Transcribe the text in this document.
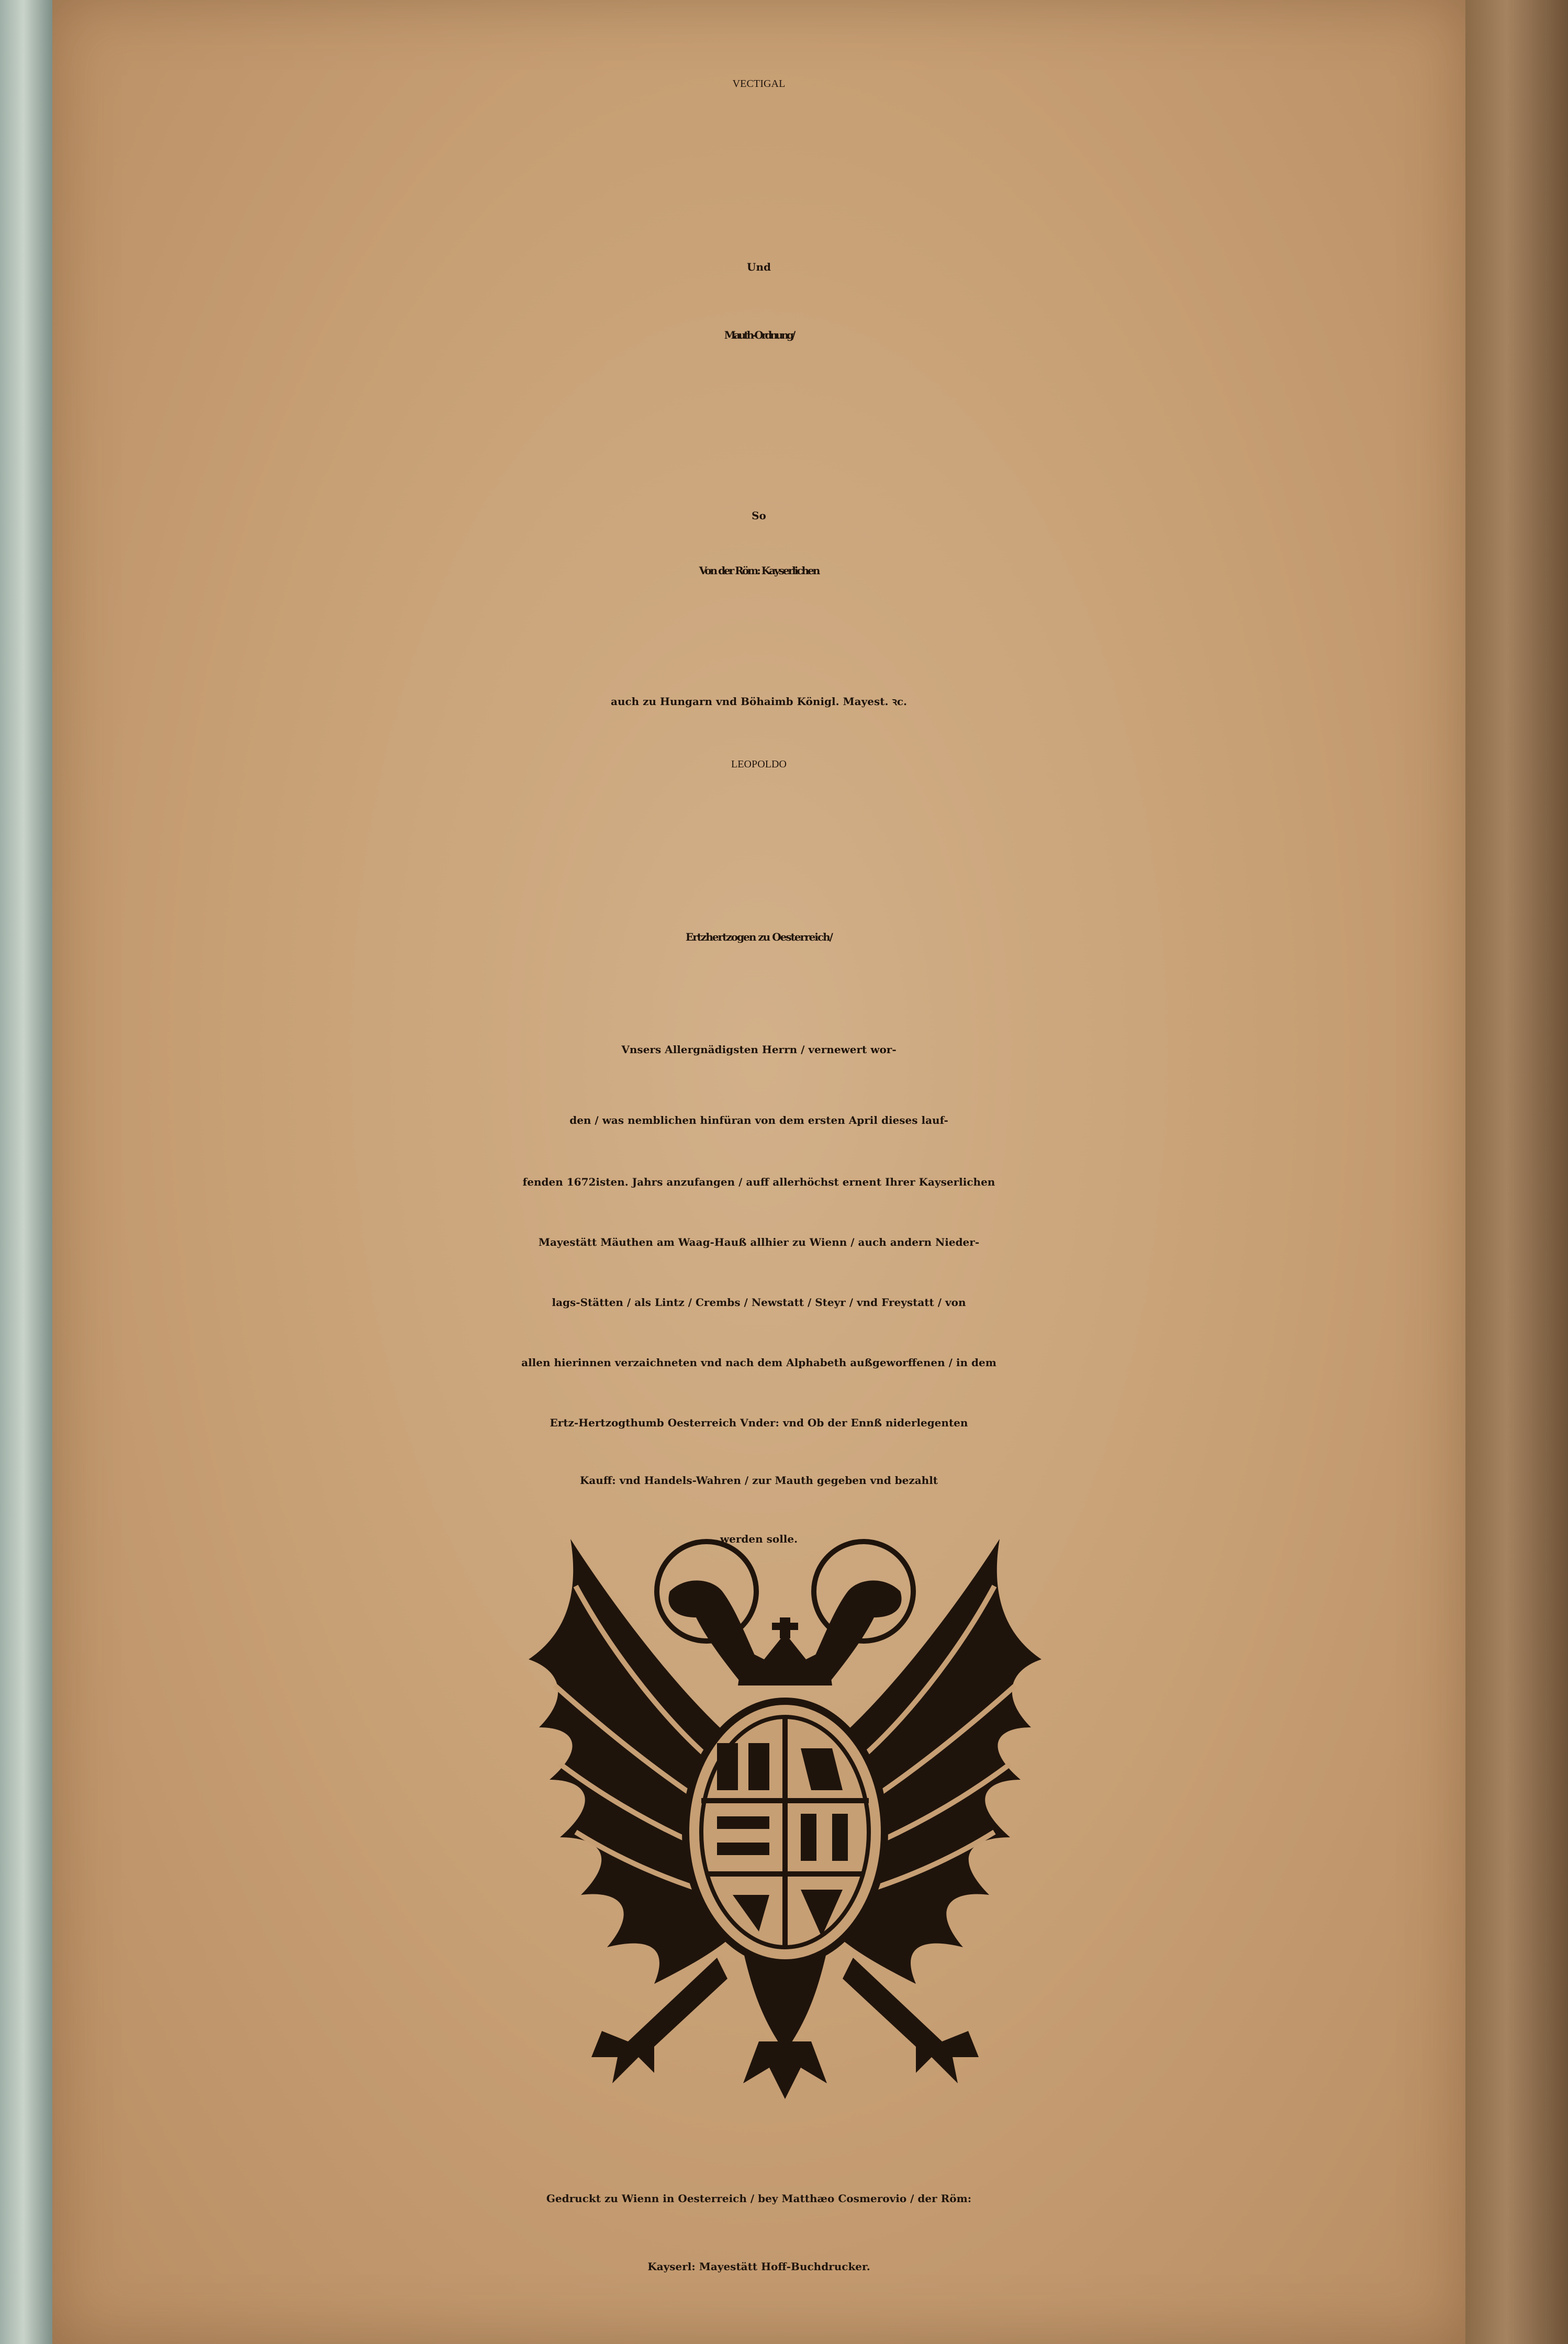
VECTIGAL

Und

Mauth-Ordnung/

So

Von der Röm: Kayserlichen

auch zu Hungarn vnd Böhaimb Königl. Mayest. ꝛc.

LEOPOLDO

Ertzhertzogen zu Oesterreich/

Vnsers Allergnädigsten Herrn / vernewert wor-

den / was nemblichen hinfüran von dem ersten April dieses lauf-

fenden 1672isten. Jahrs anzufangen / auff allerhöchst ernent Ihrer Kayserlichen

Mayestätt Mäuthen am Waag-Hauß allhier zu Wienn / auch andern Nieder-

lags-Stätten / als Lintz / Crembs / Newstatt / Steyr / vnd Freystatt / von

allen hierinnen verzaichneten vnd nach dem Alphabeth außgeworffenen / in dem

Ertz-Hertzogthumb Oesterreich Vnder: vnd Ob der Ennß niderlegenten

Kauff: vnd Handels-Wahren / zur Mauth gegeben vnd bezahlt

werden solle.

Gedruckt zu Wienn in Oesterreich / bey Matthæo Cosmerovio / der Röm:

Kayserl: Mayestätt Hoff-Buchdrucker.
